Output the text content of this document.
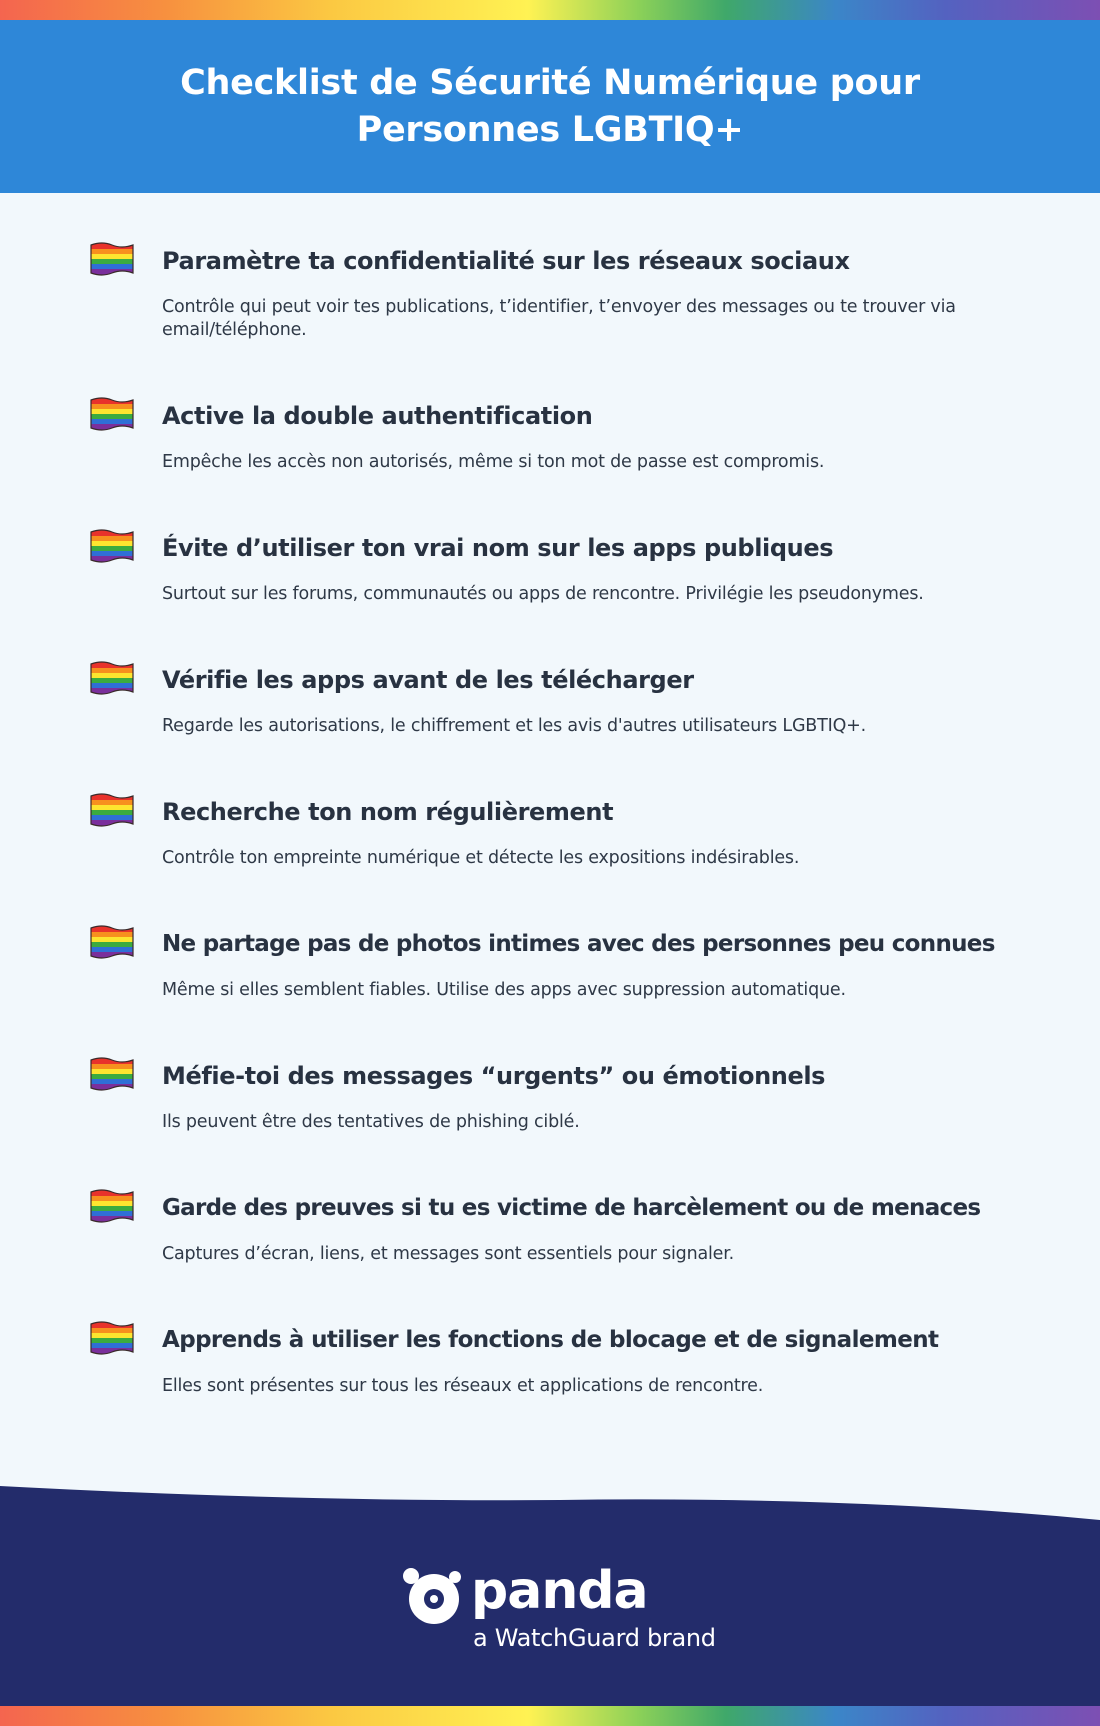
Checklist de Sécurité Numérique pour Personnes LGBTIQ+
Paramètre ta confidentialité sur les réseaux sociaux
Contrôle qui peut voir tes publications, t’identifier, t’envoyer des messages ou te trouver via email/téléphone.
Active la double authentification
Empêche les accès non autorisés, même si ton mot de passe est compromis.
Évite d’utiliser ton vrai nom sur les apps publiques
Surtout sur les forums, communautés ou apps de rencontre. Privilégie les pseudonymes.
Vérifie les apps avant de les télécharger
Regarde les autorisations, le chiffrement et les avis d'autres utilisateurs LGBTIQ+.
Recherche ton nom régulièrement
Contrôle ton empreinte numérique et détecte les expositions indésirables.
Ne partage pas de photos intimes avec des personnes peu connues
Même si elles semblent fiables. Utilise des apps avec suppression automatique.
Méfie-toi des messages “urgents” ou émotionnels
Ils peuvent être des tentatives de phishing ciblé.
Garde des preuves si tu es victime de harcèlement ou de menaces
Captures d’écran, liens, et messages sont essentiels pour signaler.
Apprends à utiliser les fonctions de blocage et de signalement
Elles sont présentes sur tous les réseaux et applications de rencontre.
panda
a WatchGuard brand
